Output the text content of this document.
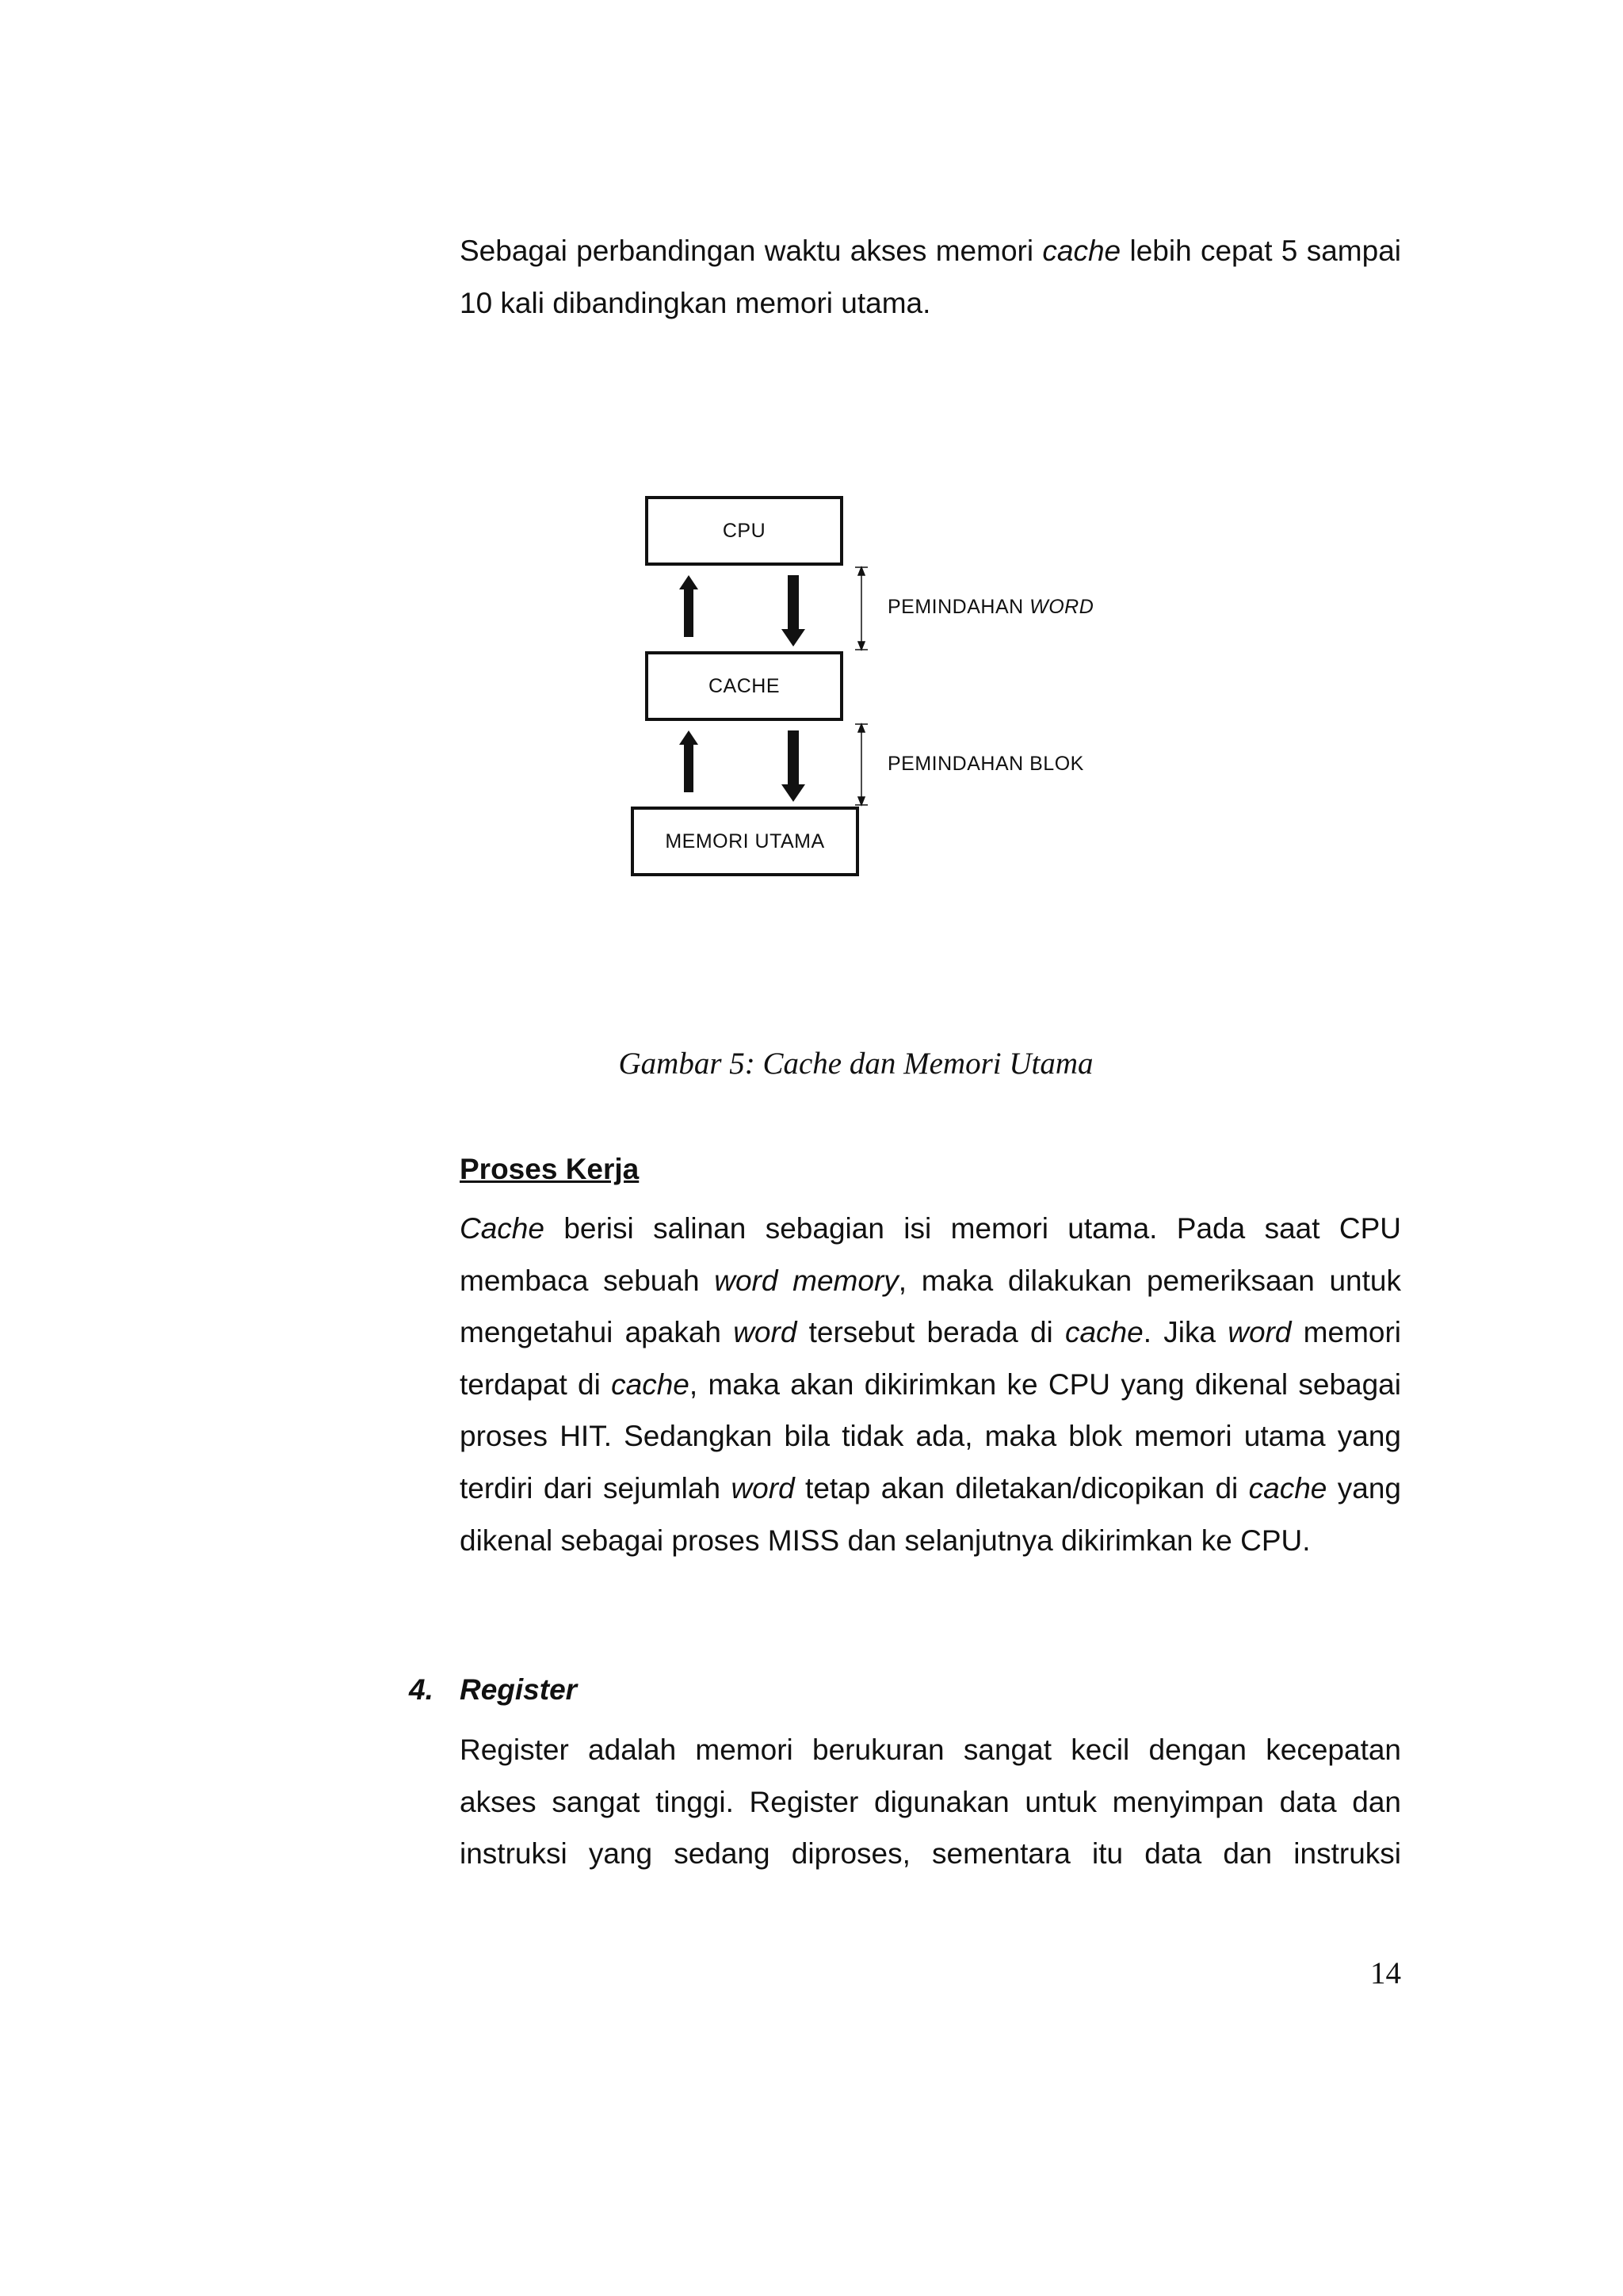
Sebagai perbandingan waktu akses memori cache lebih cepat 5 sampai 10 kali dibandingkan memori utama.

CPU
CACHE
MEMORI UTAMA
PEMINDAHAN WORD
PEMINDAHAN BLOK
Gambar 5: Cache dan Memori Utama
Proses Kerja

Cache berisi salinan sebagian isi memori utama. Pada saat CPU membaca sebuah word memory, maka dilakukan pemeriksaan untuk mengetahui apakah word tersebut berada di cache. Jika word memori terdapat di cache, maka akan dikirimkan ke CPU yang dikenal sebagai proses HIT. Sedangkan bila tidak ada, maka blok memori utama yang terdiri dari sejumlah word tetap akan diletakan/dicopikan di cache yang dikenal sebagai proses MISS dan selanjutnya dikirimkan ke CPU.

4. Register

Register adalah memori berukuran sangat kecil dengan kecepatan akses sangat tinggi. Register digunakan untuk menyimpan data dan instruksi yang sedang diproses, sementara itu data dan instruksi

14
